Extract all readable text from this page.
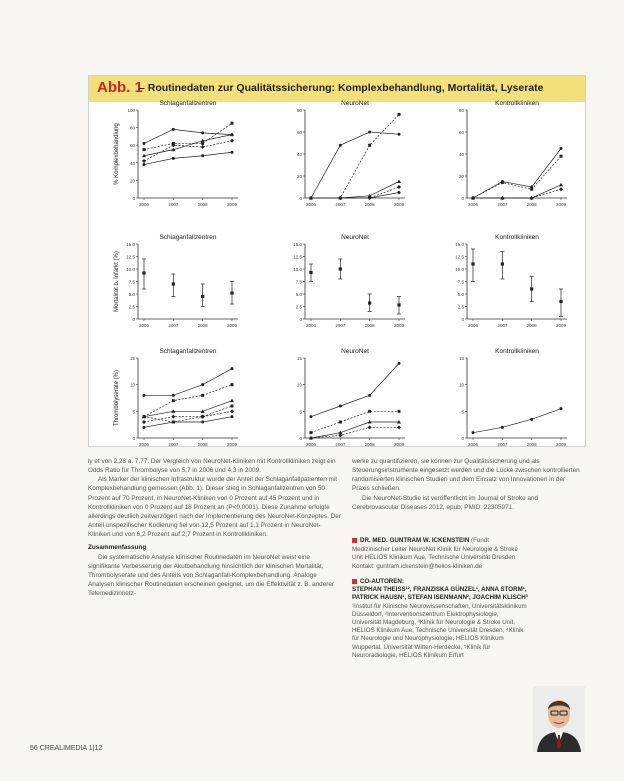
Abb. 1
– Routinedaten zur Qualitätssicherung: Komplexbehandlung, Mortalität, Lyserate
% Komplexbehandlung
Schlaganfallzentren
0
20
40
60
80
100
2006	2007	2008	2009
NeuroNet
0
20
40
60
80
2006	2007	2008	2009
Kontrollkliniken
0
20
40
60
80
2006	2007	2008	2009
Mortalität b. Infarkt (%)
Schlaganfallzentren
0
2.5
5.0
7.5
10.0
12.5
15.0
2006	2007	2008	2009
NeuroNet
0
2.5
5.0
7.5
10.0
12.5
15.0
2006	2007	2008	2009
Kontrollkliniken
0
2.5
5.0
7.5
10.0
12.5
15.0
2006	2007	2008	2009
Thrombolyserate (%)
Schlaganfallzentren
0
5
10
15
2006	2007	2008	2009
NeuroNet
0
5
10
15
2006	2007	2008	2009
Kontrollkliniken
0
5
10
15
2006	2007	2008	2009

ly et von 2,28 a. 7,77. Der Vergleich von NeuroNet-Kliniken mit Kontrollkliniken zeigt ein Odds Ratio für Thrombolyse von 5,7 in 2006 und 4,3 in 2009.

Als Marker der klinischen Infrastruktur wurde der Anteil der Schlaganfallpatienten mit Komplexbehandlung gemessen (Abb. 1). Dieser stieg in Schlaganfallzentren von 50 Prozent auf 70 Prozent, in NeuroNet-Kliniken von 0 Prozent auf 45 Prozent und in Kontrollkliniken von 0 Prozent auf 18 Prozent an (P<0.0001). Diese Zunahme erfolgte allerdings deutlich zeitverzögert nach der Implementierung des NeuroNet-Konzeptes. Der Anteil unspezifischer Kodierung fiel von 12,5 Prozent auf 1,1 Prozent in NeuroNet-Kliniken und von 6,2 Prozent auf 2,7 Prozent in Kontrollkliniken.

Zusammenfassung

Die systematische Analyse klinischer Routinedaten im NeuroNet weist eine signifikante Verbesserung der Akutbehandlung hinsichtlich der klinischen Mortalität, Thrombolyserate und des Anteils von Schlaganfall-Komplexbehandlung. Analoge Analysen klinischer Routinedaten erscheinen geeignet, um die Effektivität z. B. anderer Telemedizinnetz-

werke zu quantifizieren, sie können zur Qualitätssicherung und als Steuerungsinstrumente eingesetzt werden und die Lücke zwischen kontrollierten randomisierten klinischen Studien und dem Einsatz von Innovationen in der Praxis schließen.

Die NeuroNet-Studie ist veröffentlicht im Journal of Stroke and Cerebrovascular Diseases 2012, epub; PMID: 22305971.

DR. MED. GUNTRAM W. ICKENSTEIN (Fundt Medizinischer Leiter NeuroNet Klinik für Neurologie & Stroke Unit HELIOS Klinikum Aue, Technische Universität Dresden Kontakt: guntram.ickenstein@helios-kliniken.de
CO-AUTOREN:
STEPHAN THEISS¹², FRANZISKA GÜNZEL¹, ANNA STORM¹, PATRICK HAUSN¹, STEFAN ISENMANN², JOACHIM KLISCH³
¹Institut für Klinische Neurowissenschaften, Universitätsklinikum Düsseldorf, ²Interventionszentrum Elektrophysiologie, Universität Magdeburg, ³Klinik für Neurologie & Stroke Unit, HELIOS Klinikum Aue, Technische Universität Dresden, ⁴Klinik für Neurologie und Neurophysiologie, HELIOS Klinikum Wuppertal, Universität Witten-Herdecke, ⁵Klinik für Neuroradiologie, HELIOS Klinikum Erfurt
56 CREALIMEDIA 1|12
